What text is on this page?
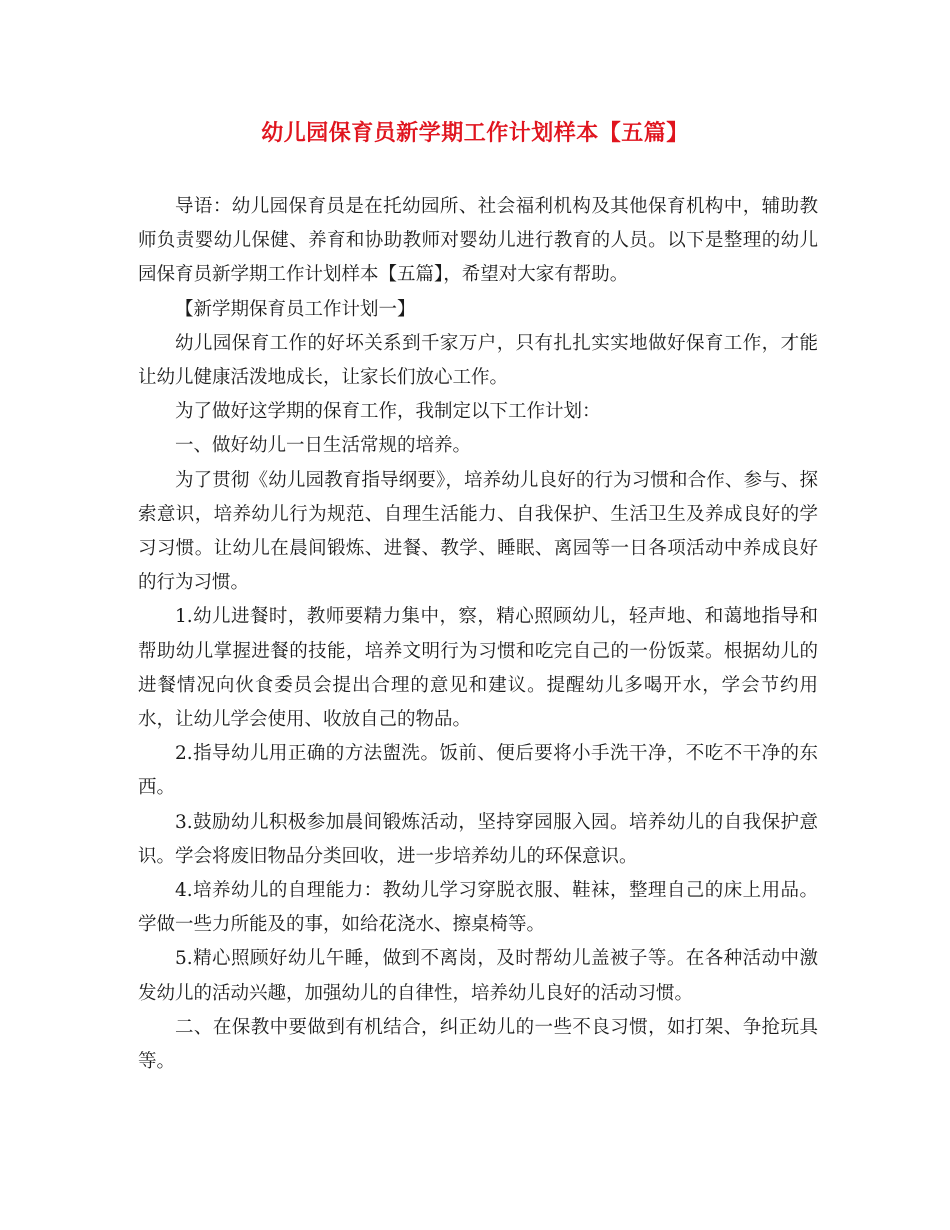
幼儿园保育员新学期工作计划样本【五篇】

导语：幼儿园保育员是在托幼园所、社会福利机构及其他保育机构中，辅助教师负责婴幼儿保健、养育和协助教师对婴幼儿进行教育的人员。以下是整理的幼儿园保育员新学期工作计划样本【五篇】，希望对大家有帮助。

【新学期保育员工作计划一】

幼儿园保育工作的好坏关系到千家万户，只有扎扎实实地做好保育工作，才能让幼儿健康活泼地成长，让家长们放心工作。

为了做好这学期的保育工作，我制定以下工作计划：

一、做好幼儿一日生活常规的培养。

为了贯彻《幼儿园教育指导纲要》，培养幼儿良好的行为习惯和合作、参与、探索意识，培养幼儿行为规范、自理生活能力、自我保护、生活卫生及养成良好的学习习惯。让幼儿在晨间锻炼、进餐、教学、睡眠、离园等一日各项活动中养成良好的行为习惯。

1.幼儿进餐时，教师要精力集中，察，精心照顾幼儿，轻声地、和蔼地指导和帮助幼儿掌握进餐的技能，培养文明行为习惯和吃完自己的一份饭菜。根据幼儿的进餐情况向伙食委员会提出合理的意见和建议。提醒幼儿多喝开水，学会节约用水，让幼儿学会使用、收放自己的物品。

2.指导幼儿用正确的方法盥洗。饭前、便后要将小手洗干净，不吃不干净的东西。

3.鼓励幼儿积极参加晨间锻炼活动，坚持穿园服入园。培养幼儿的自我保护意识。学会将废旧物品分类回收，进一步培养幼儿的环保意识。

4.培养幼儿的自理能力：教幼儿学习穿脱衣服、鞋袜，整理自己的床上用品。学做一些力所能及的事，如给花浇水、擦桌椅等。

5.精心照顾好幼儿午睡，做到不离岗，及时帮幼儿盖被子等。在各种活动中激发幼儿的活动兴趣，加强幼儿的自律性，培养幼儿良好的活动习惯。

二、在保教中要做到有机结合，纠正幼儿的一些不良习惯，如打架、争抢玩具等。
